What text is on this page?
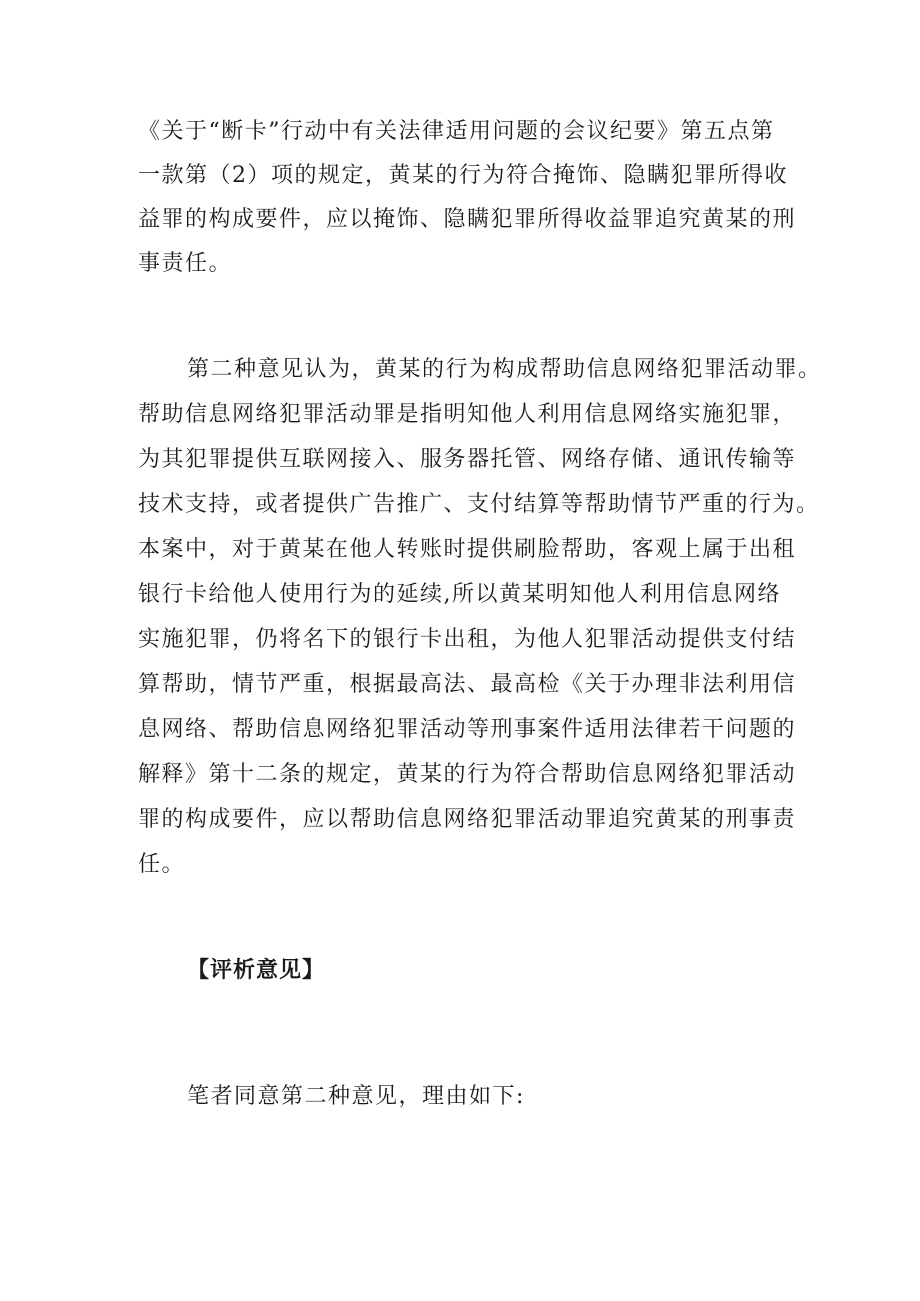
《关于“断卡”行动中有关法律适用问题的会议纪要》第五点第
一款第（2）项的规定，黄某的行为符合掩饰、隐瞒犯罪所得收
益罪的构成要件，应以掩饰、隐瞒犯罪所得收益罪追究黄某的刑
事责任。
第二种意见认为，黄某的行为构成帮助信息网络犯罪活动罪。
帮助信息网络犯罪活动罪是指明知他人利用信息网络实施犯罪，
为其犯罪提供互联网接入、服务器托管、网络存储、通讯传输等
技术支持，或者提供广告推广、支付结算等帮助情节严重的行为。
本案中，对于黄某在他人转账时提供刷脸帮助，客观上属于出租
银行卡给他人使用行为的延续,所以黄某明知他人利用信息网络
实施犯罪，仍将名下的银行卡出租，为他人犯罪活动提供支付结
算帮助，情节严重，根据最高法、最高检《关于办理非法利用信
息网络、帮助信息网络犯罪活动等刑事案件适用法律若干问题的
解释》第十二条的规定，黄某的行为符合帮助信息网络犯罪活动
罪的构成要件，应以帮助信息网络犯罪活动罪追究黄某的刑事责
任。
【评析意见】
笔者同意第二种意见，理由如下:
